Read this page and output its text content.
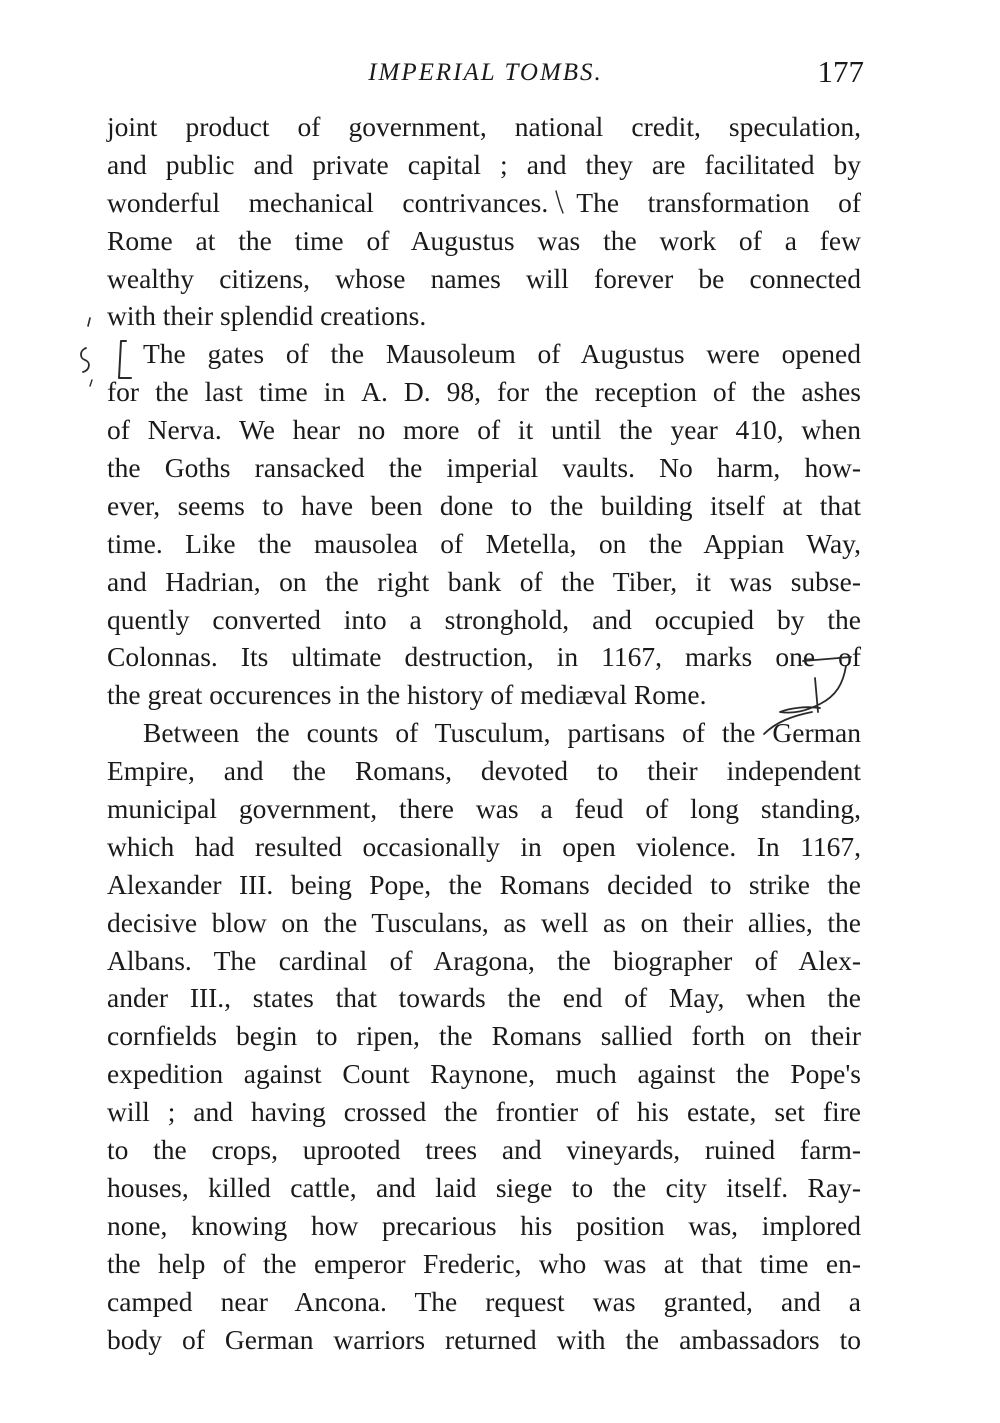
IMPERIAL TOMBS.	177
joint product of government, national credit, speculation,
and public and private capital ; and they are facilitated by
wonderful mechanical contrivances. The transformation of
Rome at the time of Augustus was the work of a few
wealthy citizens, whose names will forever be connected
with their splendid creations.
The gates of the Mausoleum of Augustus were opened
for the last time in A. D. 98, for the reception of the ashes
of Nerva. We hear no more of it until the year 410, when
the Goths ransacked the imperial vaults. No harm, how-
ever, seems to have been done to the building itself at that
time. Like the mausolea of Metella, on the Appian Way,
and Hadrian, on the right bank of the Tiber, it was subse-
quently converted into a stronghold, and occupied by the
Colonnas. Its ultimate destruction, in 1167, marks one of
the great occurences in the history of mediæval Rome.
Between the counts of Tusculum, partisans of the German
Empire, and the Romans, devoted to their independent
municipal government, there was a feud of long standing,
which had resulted occasionally in open violence. In 1167,
Alexander III. being Pope, the Romans decided to strike the
decisive blow on the Tusculans, as well as on their allies, the
Albans. The cardinal of Aragona, the biographer of Alex-
ander III., states that towards the end of May, when the
cornfields begin to ripen, the Romans sallied forth on their
expedition against Count Raynone, much against the Pope's
will ; and having crossed the frontier of his estate, set fire
to the crops, uprooted trees and vineyards, ruined farm-
houses, killed cattle, and laid siege to the city itself. Ray-
none, knowing how precarious his position was, implored
the help of the emperor Frederic, who was at that time en-
camped near Ancona. The request was granted, and a
body of German warriors returned with the ambassadors to
